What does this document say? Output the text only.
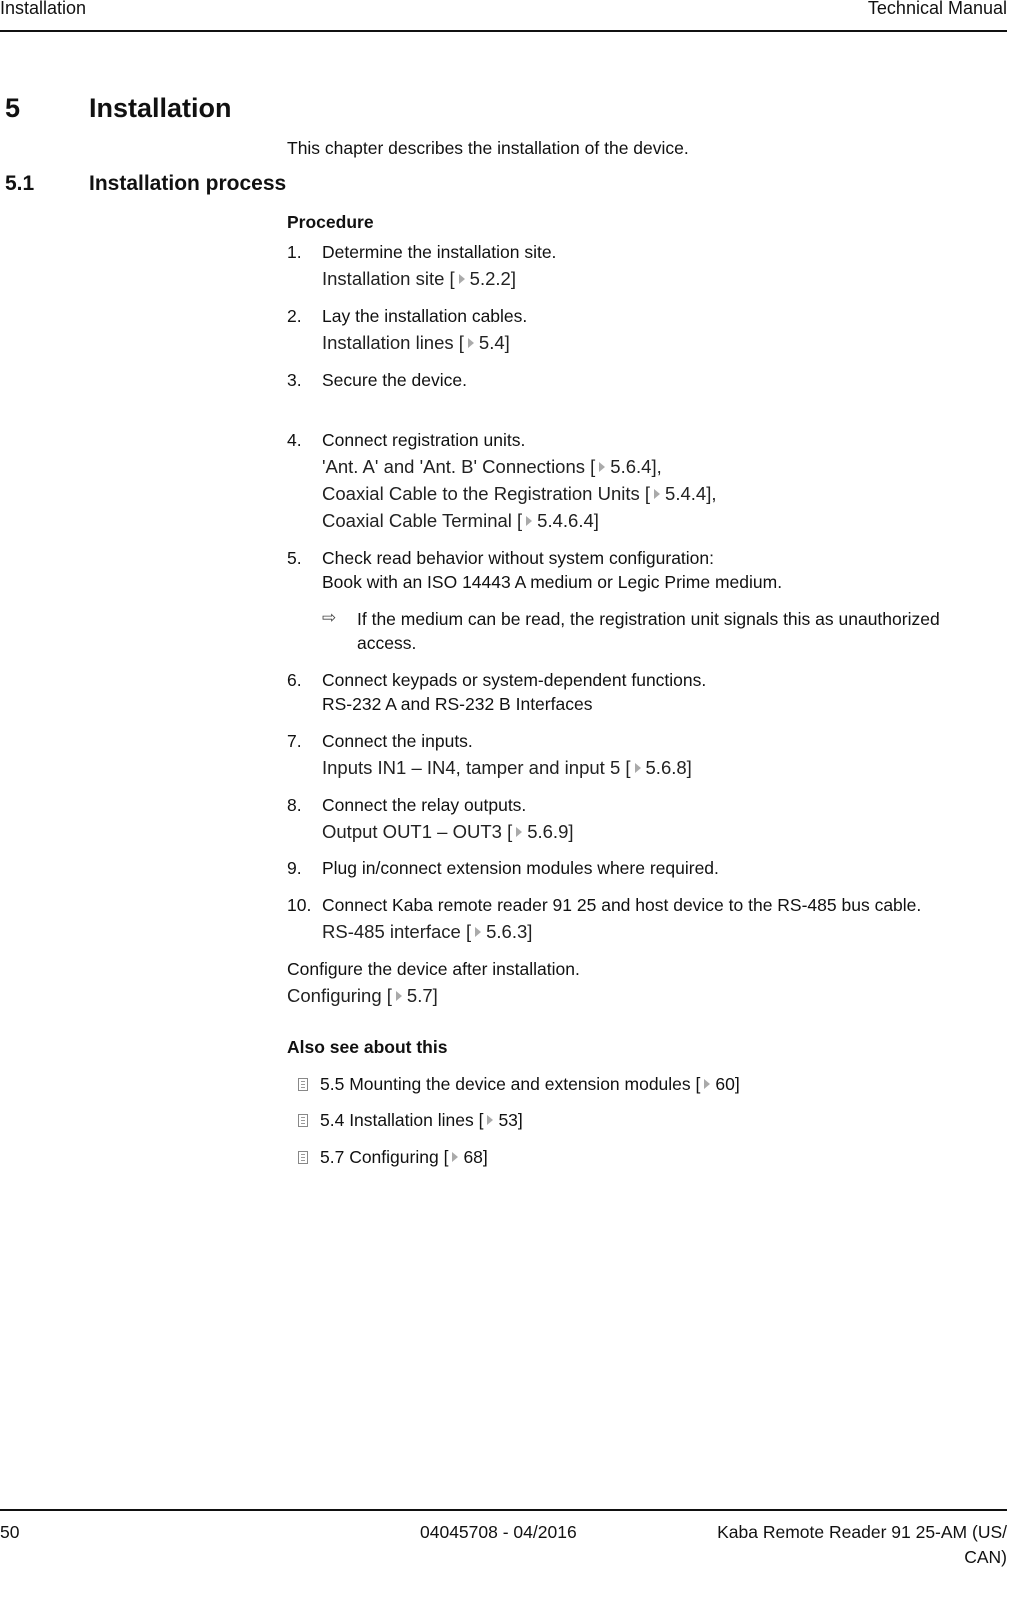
Installation	Technical Manual
5	Installation
This chapter describes the installation of the device.
5.1	Installation process
Procedure
1. Determine the installation site.
Installation site [5.2.2 ]
2. Lay the installation cables.
Installation lines [5.4 ]
3. Secure the device.
4. Connect registration units.
'Ant. A' and 'Ant. B' Connections [5.6.4 ] ,
Coaxial Cable to the Registration Units [5.4.4 ] ,
Coaxial Cable Terminal [5.4.6.4 ]
5. Check read behavior without system configuration:
Book with an ISO 14443 A medium or Legic Prime medium.
⇨ If the medium can be read, the registration unit signals this as unauthorized
access.
6. Connect keypads or system-dependent functions.
RS-232 A and RS-232 B Interfaces
7. Connect the inputs.
Inputs IN1 – IN4, tamper and input 5 [5.6.8 ]
8. Connect the relay outputs.
Output OUT1 – OUT3 [5.6.9 ]
9. Plug in/connect extension modules where required.
10. Connect Kaba remote reader 91 25 and host device to the RS-485 bus cable.
RS-485 interface [5.6.3 ]
Configure the device after installation.
Configuring [5.7 ]
Also see about this
5.5 Mounting the device and extension modules [60 ]
5.4 Installation lines [53 ]
5.7 Configuring [68 ]
50	04045708 - 04/2016	Kaba Remote Reader 91 25-AM (US/
CAN)
